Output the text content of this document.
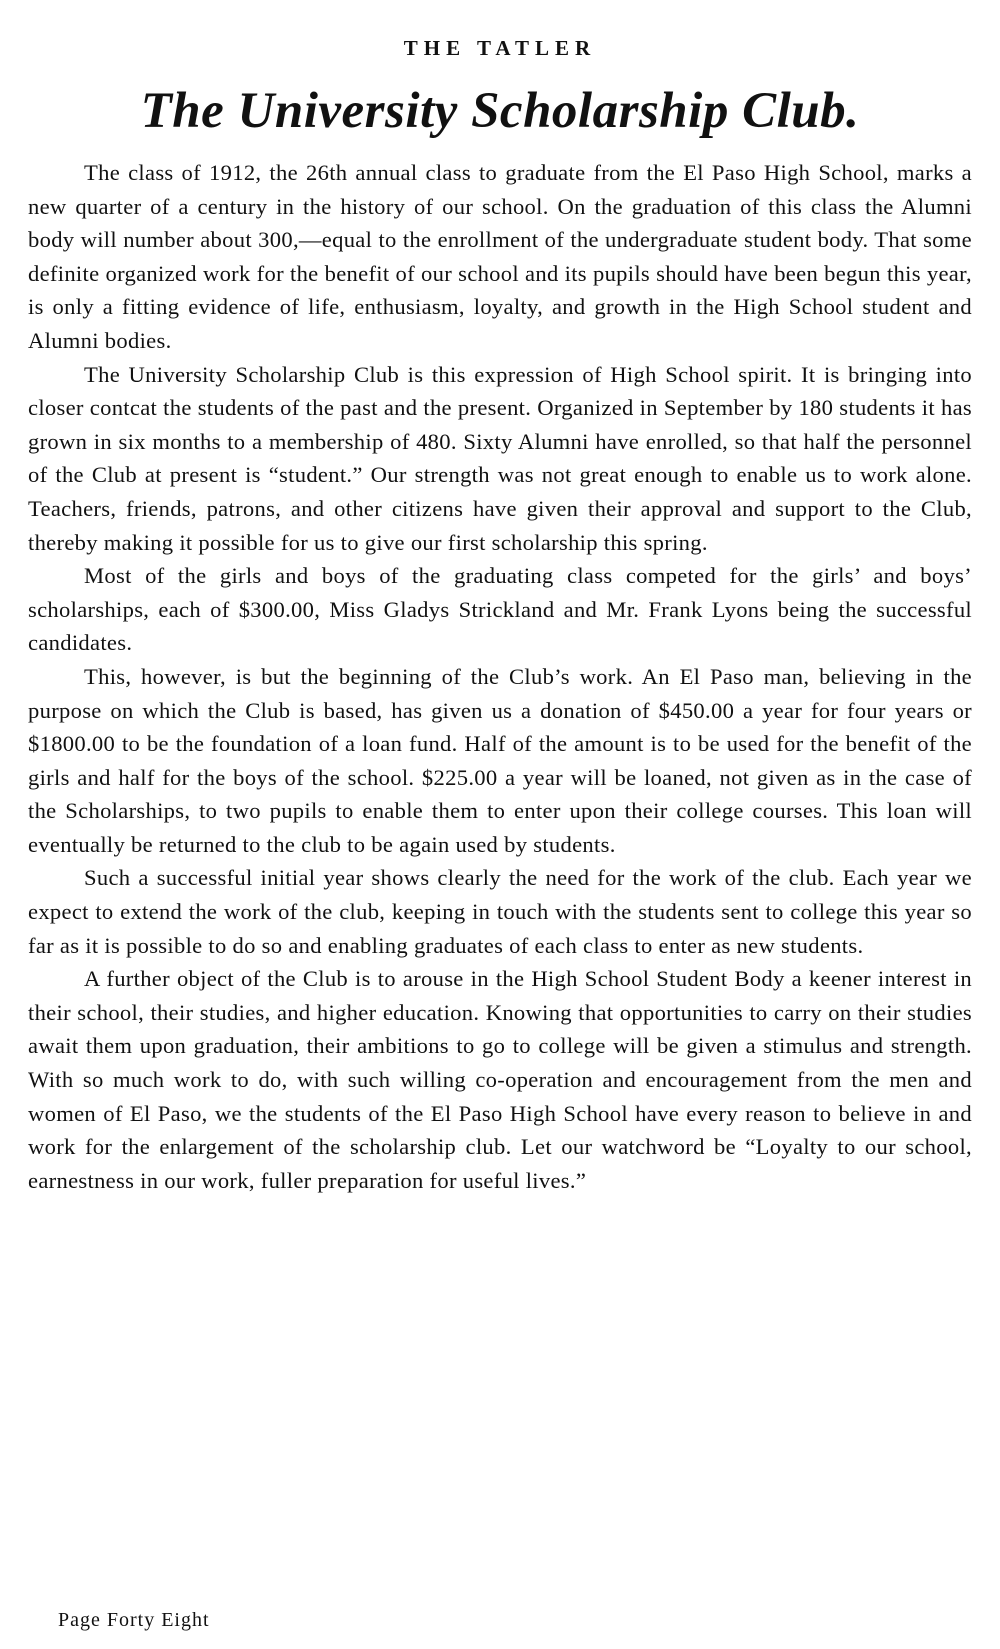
THE TATLER
The University Scholarship Club.

The class of 1912, the 26th annual class to graduate from the El Paso High School, marks a new quarter of a century in the history of our school. On the graduation of this class the Alumni body will number about 300,—equal to the enrollment of the undergraduate student body. That some definite organized work for the benefit of our school and its pupils should have been begun this year, is only a fitting evidence of life, enthusiasm, loyalty, and growth in the High School student and Alumni bodies.

The University Scholarship Club is this expression of High School spirit. It is bringing into closer contcat the students of the past and the present. Organized in September by 180 students it has grown in six months to a membership of 480. Sixty Alumni have enrolled, so that half the personnel of the Club at present is “student.” Our strength was not great enough to enable us to work alone. Teachers, friends, patrons, and other citizens have given their approval and support to the Club, thereby making it possible for us to give our first scholarship this spring.

Most of the girls and boys of the graduating class competed for the girls’ and boys’ scholarships, each of $300.00, Miss Gladys Strickland and Mr. Frank Lyons being the successful candidates.

This, however, is but the beginning of the Club’s work. An El Paso man, believing in the purpose on which the Club is based, has given us a donation of $450.00 a year for four years or $1800.00 to be the foundation of a loan fund. Half of the amount is to be used for the benefit of the girls and half for the boys of the school. $225.00 a year will be loaned, not given as in the case of the Scholarships, to two pupils to enable them to enter upon their college courses. This loan will eventually be returned to the club to be again used by students.

Such a successful initial year shows clearly the need for the work of the club. Each year we expect to extend the work of the club, keeping in touch with the students sent to college this year so far as it is possible to do so and enabling graduates of each class to enter as new students.

A further object of the Club is to arouse in the High School Student Body a keener interest in their school, their studies, and higher education. Knowing that opportunities to carry on their studies await them upon graduation, their ambitions to go to college will be given a stimulus and strength. With so much work to do, with such willing co-operation and encouragement from the men and women of El Paso, we the students of the El Paso High School have every reason to believe in and work for the enlargement of the scholarship club. Let our watchword be “Loyalty to our school, earnestness in our work, fuller preparation for useful lives.”

Page Forty Eight
